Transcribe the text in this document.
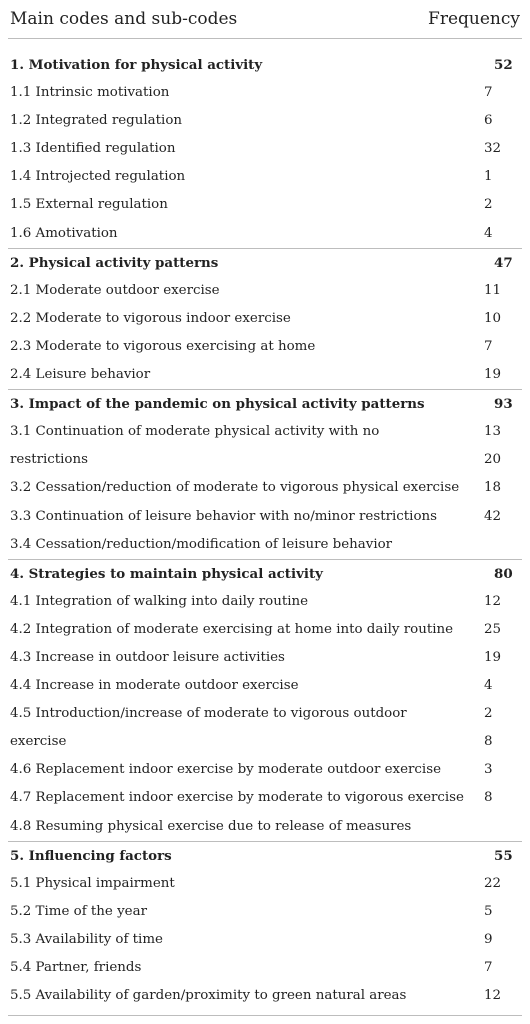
Main codes and sub-codes	Frequency
1. Motivation for physical activity	52
1.1 Intrinsic motivation	7
1.2 Integrated regulation	6
1.3 Identified regulation	32
1.4 Introjected regulation	1
1.5 External regulation	2
1.6 Amotivation	4
2. Physical activity patterns	47
2.1 Moderate outdoor exercise	11
2.2 Moderate to vigorous indoor exercise	10
2.3 Moderate to vigorous exercising at home	7
2.4 Leisure behavior	19
3. Impact of the pandemic on physical activity patterns	93
3.1 Continuation of moderate physical activity with no	13
restrictions	20
3.2 Cessation/reduction of moderate to vigorous physical exercise 18
3.3 Continuation of leisure behavior with no/minor restrictions	42
3.4 Cessation/reduction/modification of leisure behavior
4. Strategies to maintain physical activity	80
4.1 Integration of walking into daily routine	12
4.2 Integration of moderate exercising at home into daily routine 25
4.3 Increase in outdoor leisure activities	19
4.4 Increase in moderate outdoor exercise	4
4.5 Introduction/increase of moderate to vigorous outdoor	2
exercise	8
4.6 Replacement indoor exercise by moderate outdoor exercise	3
4.7 Replacement indoor exercise by moderate to vigorous exercise 8
4.8 Resuming physical exercise due to release of measures
5. Influencing factors	55
5.1 Physical impairment	22
5.2 Time of the year	5
5.3 Availability of time	9
5.4 Partner, friends	7
5.5 Availability of garden/proximity to green natural areas	12
